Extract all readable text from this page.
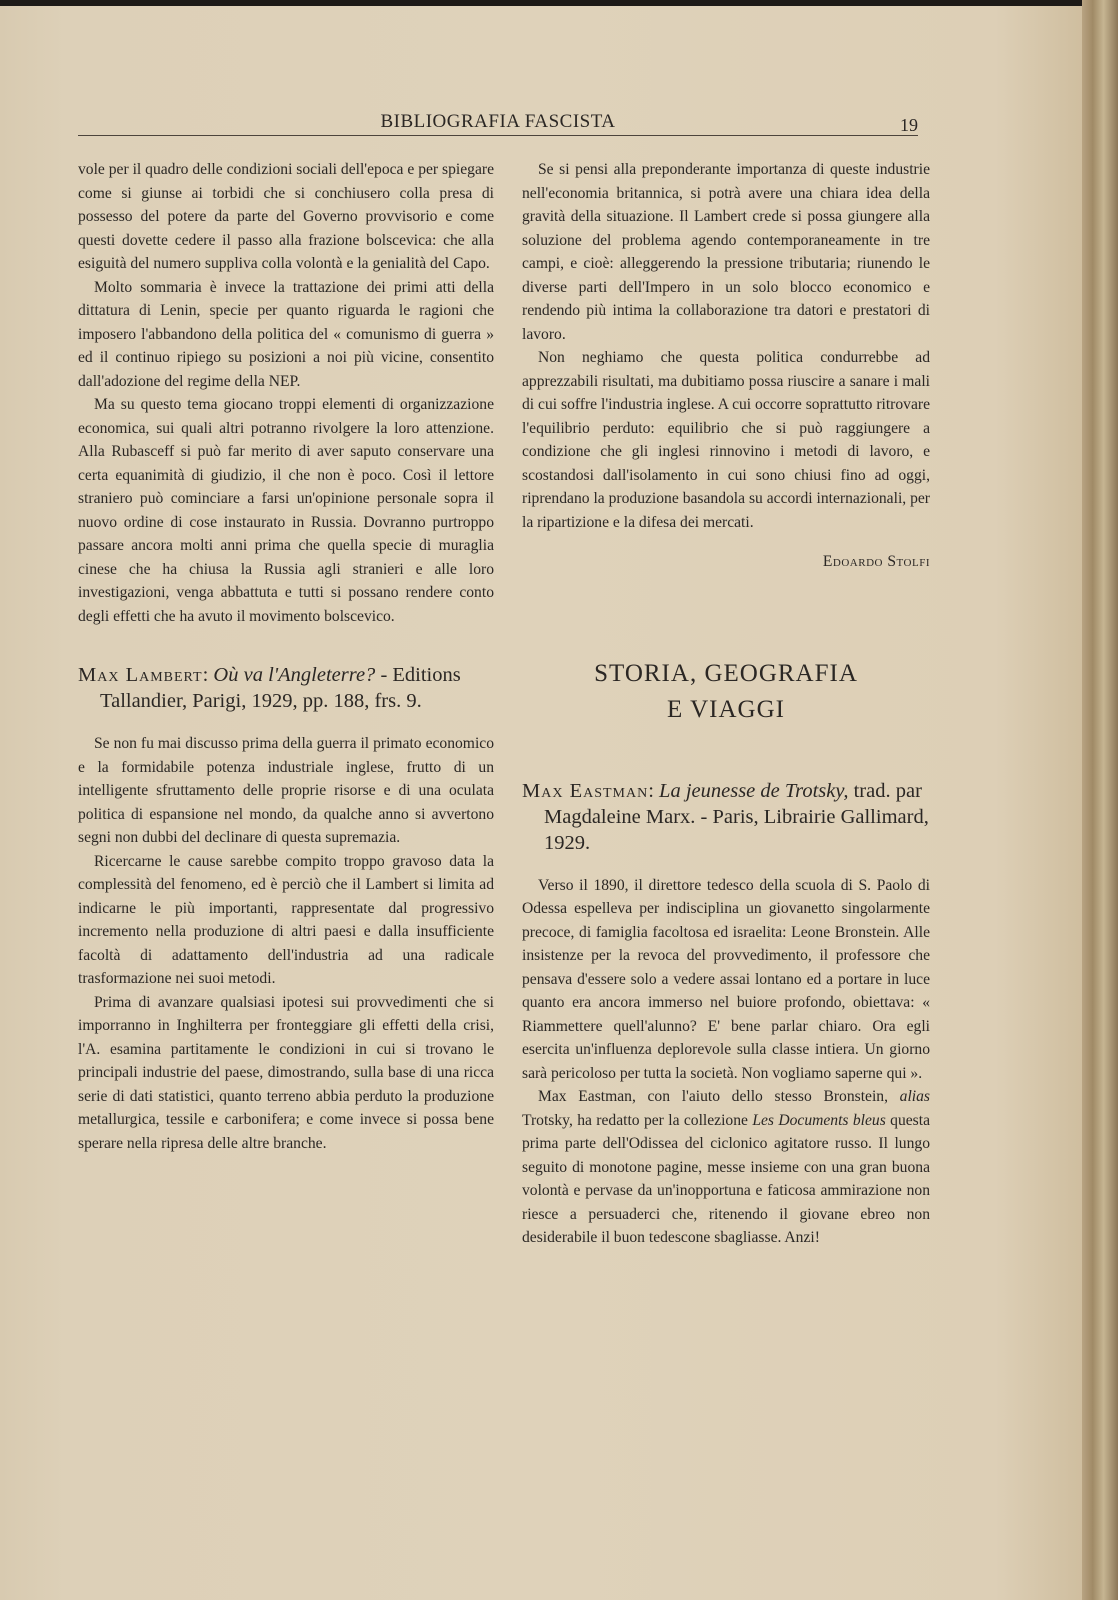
BIBLIOGRAFIA FASCISTA	19

vole per il quadro delle condizioni sociali dell'epoca e per spiegare come si giunse ai torbidi che si conchiusero colla presa di possesso del potere da parte del Governo provvisorio e come questi dovette cedere il passo alla frazione bolscevica: che alla esiguità del numero suppliva colla volontà e la genialità del Capo.

Molto sommaria è invece la trattazione dei primi atti della dittatura di Lenin, specie per quanto riguarda le ragioni che imposero l'abbandono della politica del « comunismo di guerra » ed il continuo ripiego su posizioni a noi più vicine, consentito dall'adozione del regime della NEP.

Ma su questo tema giocano troppi elementi di organizzazione economica, sui quali altri potranno rivolgere la loro attenzione. Alla Rubasceff si può far merito di aver saputo conservare una certa equanimità di giudizio, il che non è poco. Così il lettore straniero può cominciare a farsi un'opinione personale sopra il nuovo ordine di cose instaurato in Russia. Dovranno purtroppo passare ancora molti anni prima che quella specie di muraglia cinese che ha chiusa la Russia agli stranieri e alle loro investigazioni, venga abbattuta e tutti si possano rendere conto degli effetti che ha avuto il movimento bolscevico.

Max Lambert: Où va l'Angleterre? - Editions Tallandier, Parigi, 1929, pp. 188, frs. 9.

Se non fu mai discusso prima della guerra il primato economico e la formidabile potenza industriale inglese, frutto di un intelligente sfruttamento delle proprie risorse e di una oculata politica di espansione nel mondo, da qualche anno si avvertono segni non dubbi del declinare di questa supremazia.

Ricercarne le cause sarebbe compito troppo gravoso data la complessità del fenomeno, ed è perciò che il Lambert si limita ad indicarne le più importanti, rappresentate dal progressivo incremento nella produzione di altri paesi e dalla insufficiente facoltà di adattamento dell'industria ad una radicale trasformazione nei suoi metodi.

Prima di avanzare qualsiasi ipotesi sui provvedimenti che si imporranno in Inghilterra per fronteggiare gli effetti della crisi, l'A. esamina partitamente le condizioni in cui si trovano le principali industrie del paese, dimostrando, sulla base di una ricca serie di dati statistici, quanto terreno abbia perduto la produzione metallurgica, tessile e carbonifera; e come invece si possa bene sperare nella ripresa delle altre branche.

Se si pensi alla preponderante importanza di queste industrie nell'economia britannica, si potrà avere una chiara idea della gravità della situazione. Il Lambert crede si possa giungere alla soluzione del problema agendo contemporaneamente in tre campi, e cioè: alleggerendo la pressione tributaria; riunendo le diverse parti dell'Impero in un solo blocco economico e rendendo più intima la collaborazione tra datori e prestatori di lavoro.

Non neghiamo che questa politica condurrebbe ad apprezzabili risultati, ma dubitiamo possa riuscire a sanare i mali di cui soffre l'industria inglese. A cui occorre soprattutto ritrovare l'equilibrio perduto: equilibrio che si può raggiungere a condizione che gli inglesi rinnovino i metodi di lavoro, e scostandosi dall'isolamento in cui sono chiusi fino ad oggi, riprendano la produzione basandola su accordi internazionali, per la ripartizione e la difesa dei mercati.

Edoardo Stolfi
STORIA, GEOGRAFIA
E VIAGGI
Max Eastman: La jeunesse de Trotsky, trad. par Magdaleine Marx. - Paris, Librairie Gallimard, 1929.

Verso il 1890, il direttore tedesco della scuola di S. Paolo di Odessa espelleva per indisciplina un giovanetto singolarmente precoce, di famiglia facoltosa ed israelita: Leone Bronstein. Alle insistenze per la revoca del provvedimento, il professore che pensava d'essere solo a vedere assai lontano ed a portare in luce quanto era ancora immerso nel buiore profondo, obiettava: « Riammettere quell'alunno? E' bene parlar chiaro. Ora egli esercita un'influenza deplorevole sulla classe intiera. Un giorno sarà pericoloso per tutta la società. Non vogliamo saperne qui ».

Max Eastman, con l'aiuto dello stesso Bronstein, alias Trotsky, ha redatto per la collezione Les Documents bleus questa prima parte dell'Odissea del ciclonico agitatore russo. Il lungo seguito di monotone pagine, messe insieme con una gran buona volontà e pervase da un'inopportuna e faticosa ammirazione non riesce a persuaderci che, ritenendo il giovane ebreo non desiderabile il buon tedescone sbagliasse. Anzi!
